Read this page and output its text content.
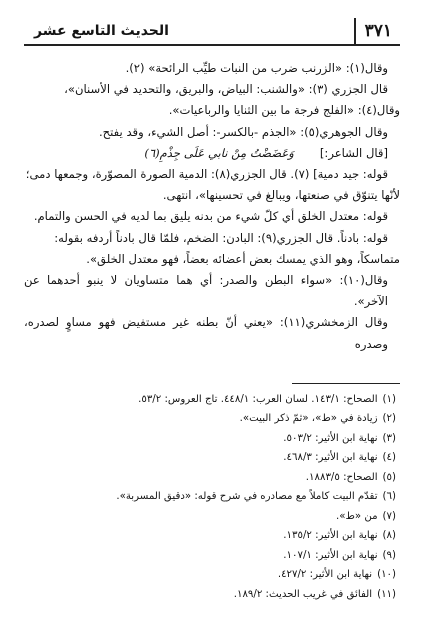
٣٧١
الحديث التاسع عشر

وقال(١): «الزرنب ضرب من النبات طيِّب الرائحة» (٢).

قال الجزري (٣): «والشنب: البياض، والبريق، والتحديد في الأسنان»،

وقال(٤): «الفلج فرجة ما بين الثنايا والرباعيات».

وقال الجوهري(٥): «الجذم -بالكسر-: أصل الشيء، وقد يفتح.

[قال الشاعر:]
وَعَضَضْتُ مِنْ نابي عَلَى جِذْمِ(٦)

قوله: جيد دمية] (٧). قال الجزري(٨): الدمية الصورة المصوّرة، وجمعها دمى؛

لأنّها يتنوّق في صنعتها، ويبالغ في تحسينها»، انتهى.

قوله: معتدل الخلق أي كلّ شيء من بدنه يليق بما لديه في الحسن والتمام.

قوله: بادناً. قال الجزري(٩): البادن: الضخم، فلمّا قال بادناً أردفه بقوله:

متماسكاً، وهو الذي يمسك بعض أعضائه بعضاً، فهو معتدل الخلق».

وقال(١٠): «سواء البطن والصدر: أي هما متساويان لا ينبو أحدهما عن الآخر».

وقال الزمخشري(١١): «يعني أنّ بطنه غير مستفيض فهو مساوٍ لصدره، وصدره

(١)
الصحاح: ١٤٣/١. لسان العرب: ٤٤٨/١. تاج العروس: ٥٣/٢.
(٢)
زيادة في «ط»، «ثمّ ذكر البيت».
(٣)
نهاية ابن الأثير: ٥٠٣/٢.
(٤)
نهاية ابن الأثير: ٤٦٨/٣.
(٥)
الصحاح: ١٨٨٣/٥.
(٦)
تقدّم البيت كاملاً مع مصادره في شرح قوله: «دقيق المسربة».
(٧)
من «ط».
(٨)
نهاية ابن الأثير: ١٣٥/٢.
(٩)
نهاية ابن الأثير: ١٠٧/١.
(١٠)
نهاية ابن الأثير: ٤٢٧/٢.
(١١)
الفائق في غريب الحديث: ١٨٩/٢.
